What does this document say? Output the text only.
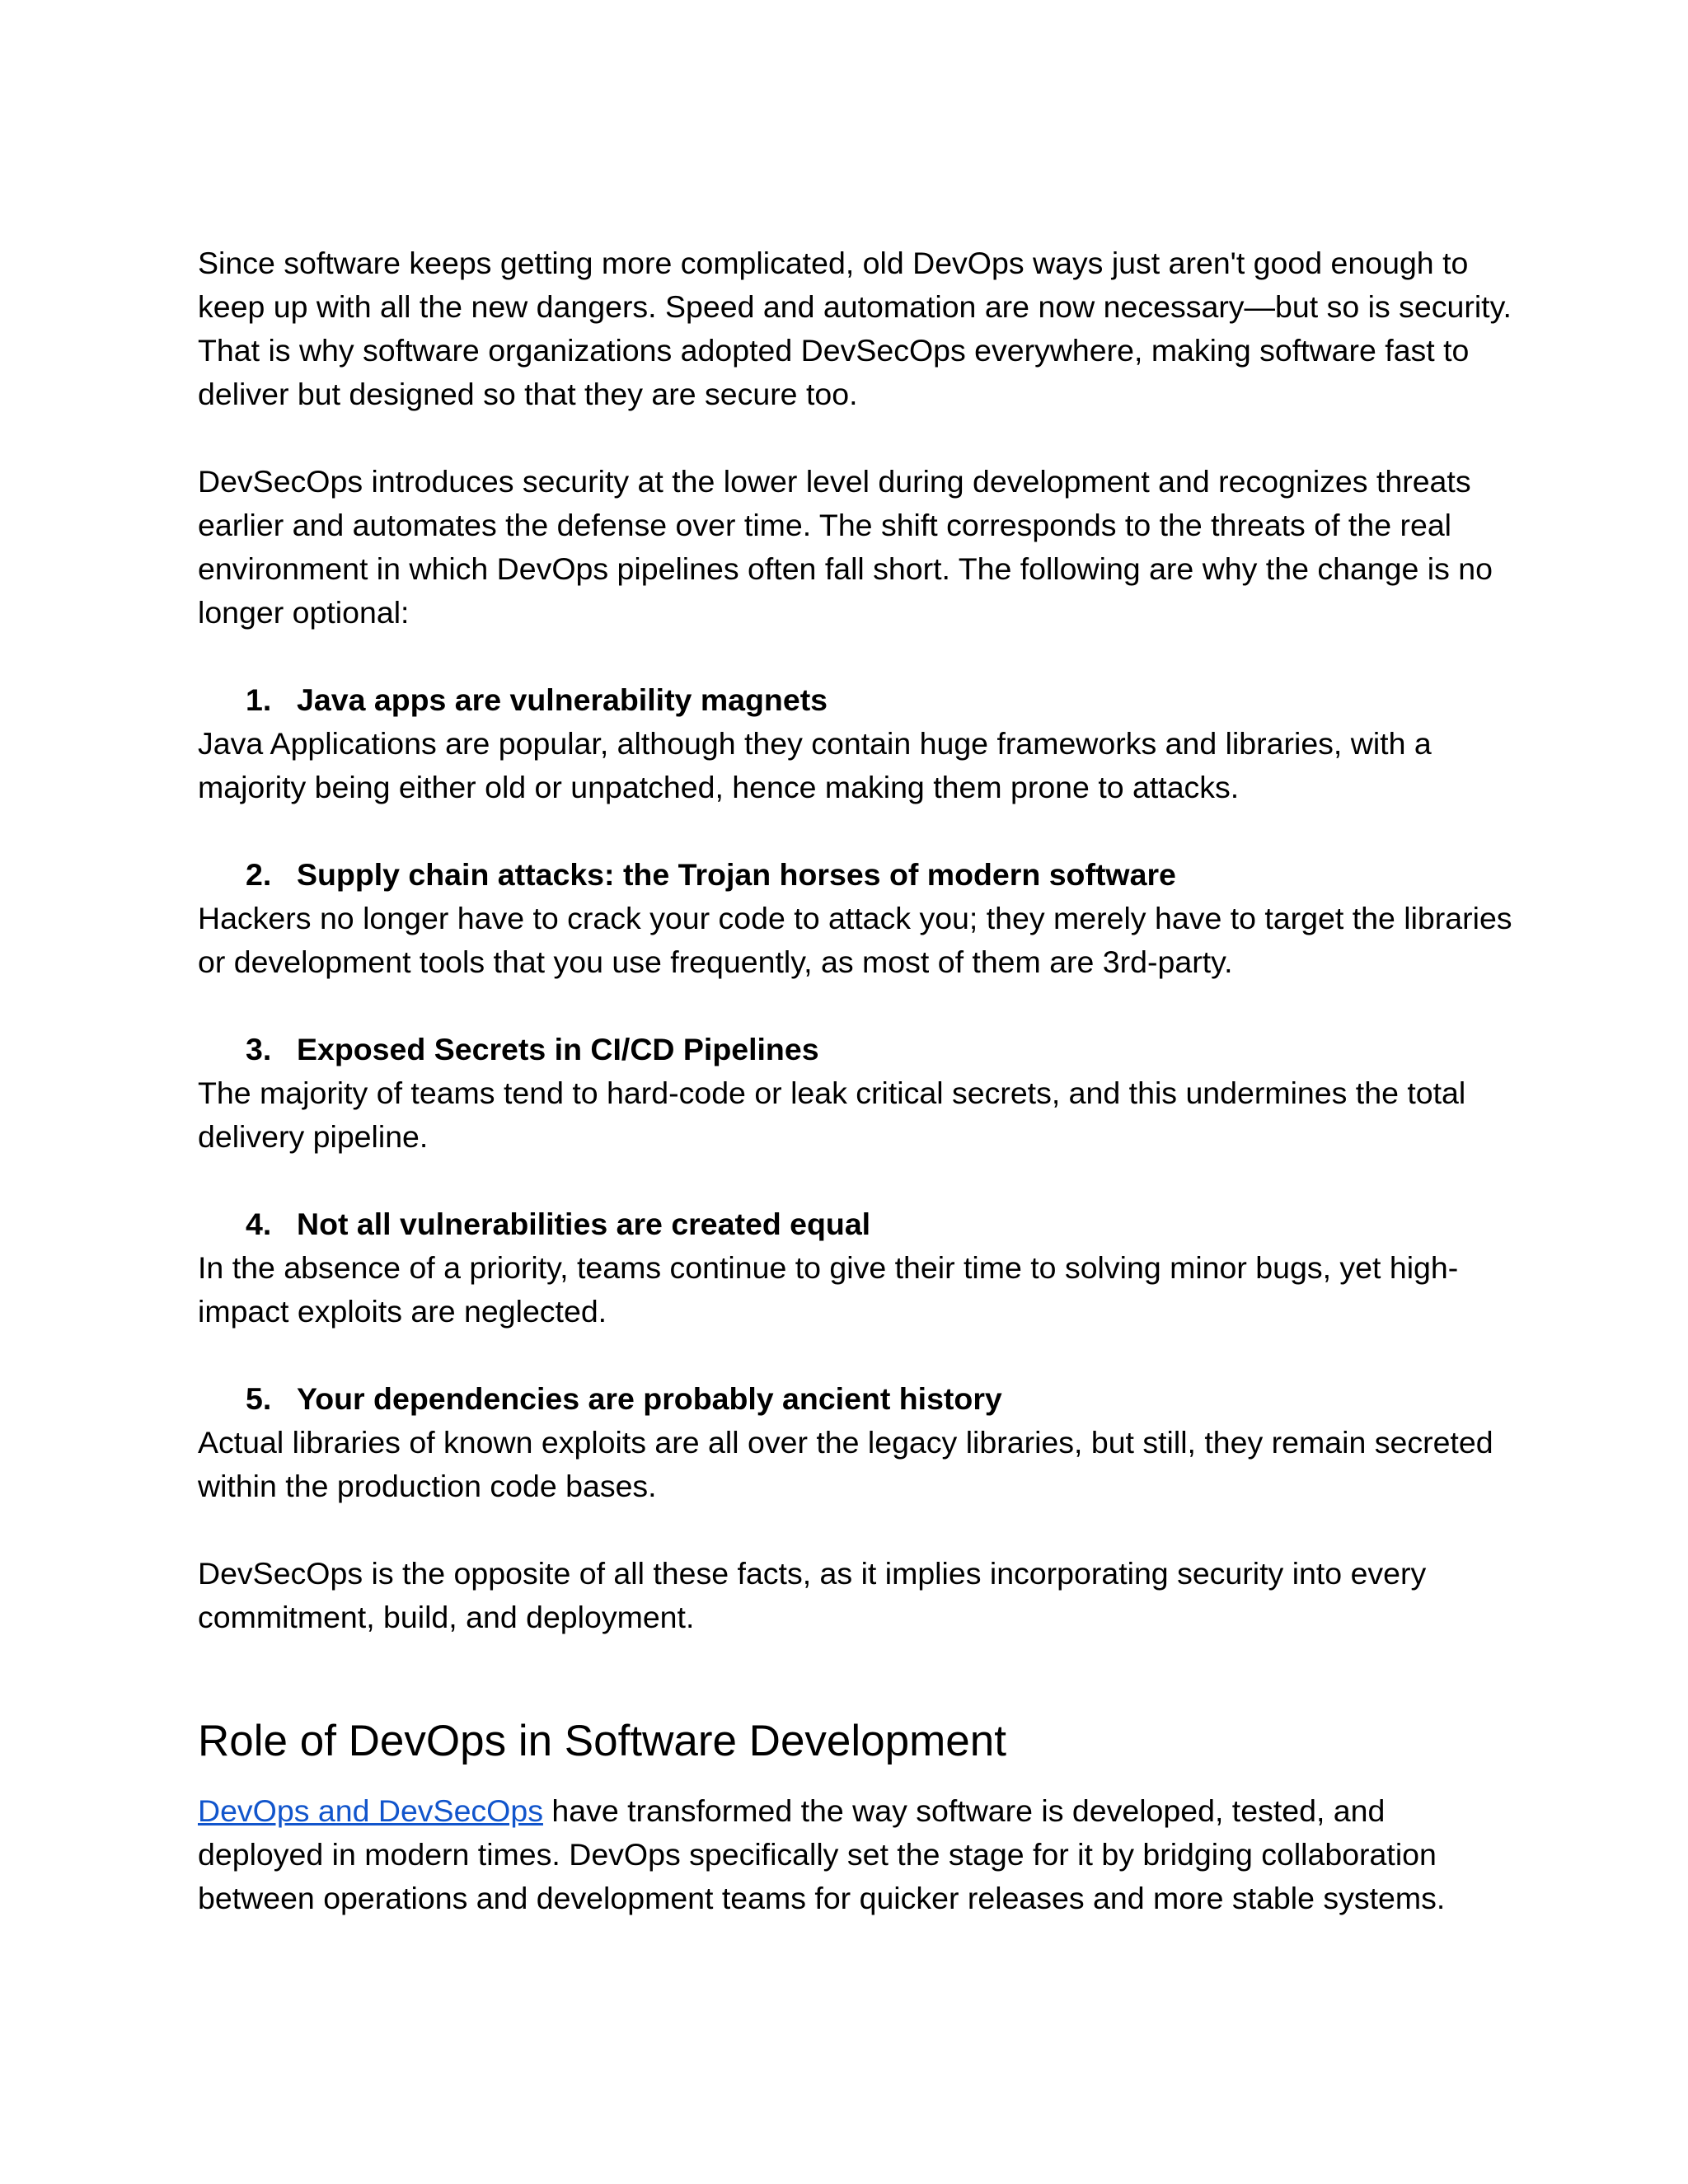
Since software keeps getting more complicated, old DevOps ways just aren't good enough to keep up with all the new dangers. Speed and automation are now necessary—but so is security. That is why software organizations adopted DevSecOps everywhere, making software fast to deliver but designed so that they are secure too.

DevSecOps introduces security at the lower level during development and recognizes threats earlier and automates the defense over time. The shift corresponds to the threats of the real environment in which DevOps pipelines often fall short. The following are why the change is no longer optional:

1. Java apps are vulnerability magnets

Java Applications are popular, although they contain huge frameworks and libraries, with a majority being either old or unpatched, hence making them prone to attacks.

2. Supply chain attacks: the Trojan horses of modern software

Hackers no longer have to crack your code to attack you; they merely have to target the libraries or development tools that you use frequently, as most of them are 3rd-party.

3. Exposed Secrets in CI/CD Pipelines

The majority of teams tend to hard-code or leak critical secrets, and this undermines the total delivery pipeline.

4. Not all vulnerabilities are created equal

In the absence of a priority, teams continue to give their time to solving minor bugs, yet high-impact exploits are neglected.

5. Your dependencies are probably ancient history

Actual libraries of known exploits are all over the legacy libraries, but still, they remain secreted within the production code bases.

DevSecOps is the opposite of all these facts, as it implies incorporating security into every commitment, build, and deployment.

Role of DevOps in Software Development

DevOps and DevSecOps have transformed the way software is developed, tested, and deployed in modern times. DevOps specifically set the stage for it by bridging collaboration between operations and development teams for quicker releases and more stable systems.
